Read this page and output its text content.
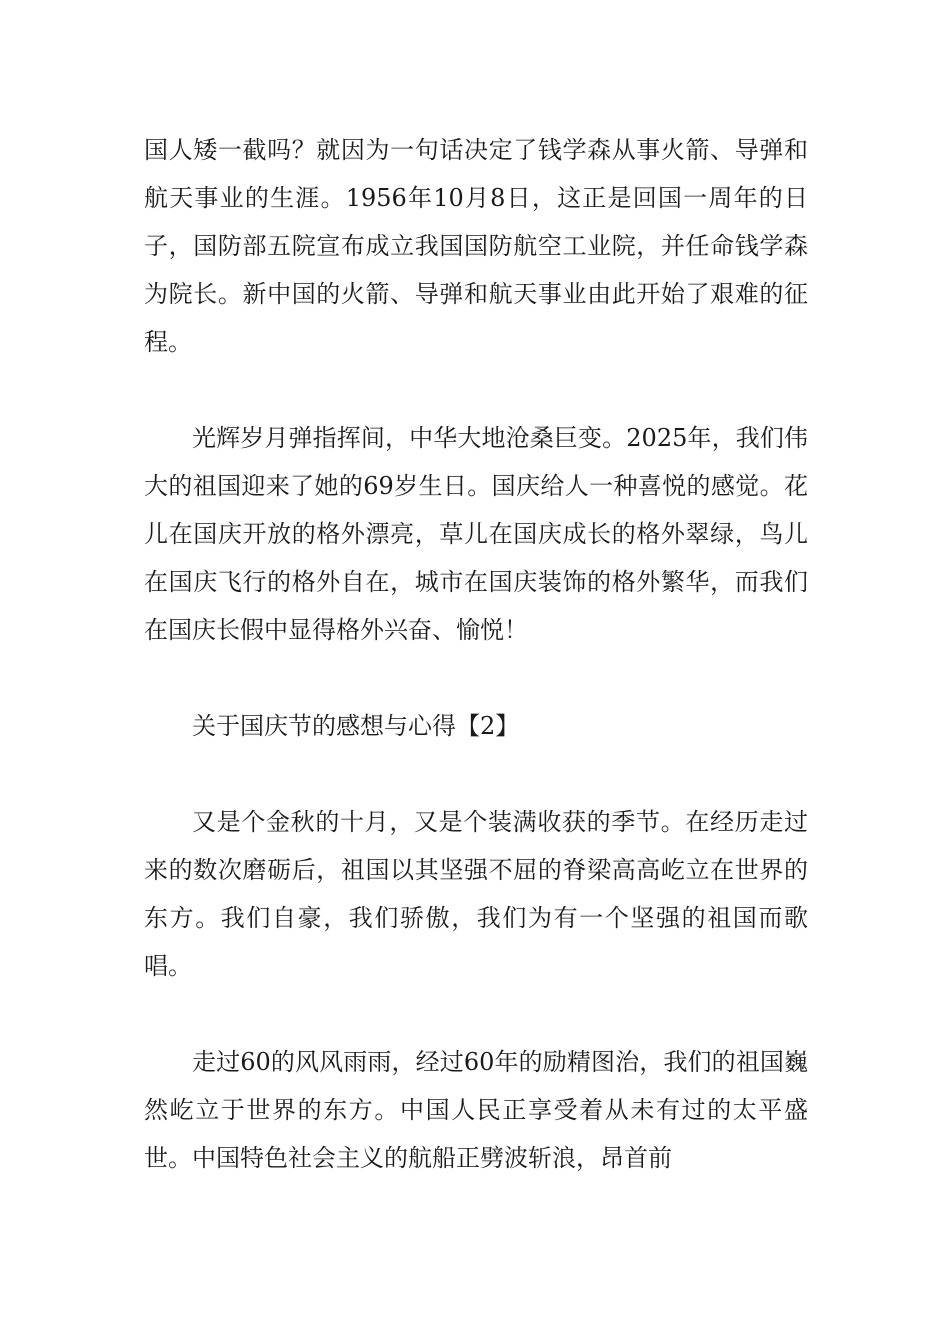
国人矮一截吗？就因为一句话决定了钱学森从事火箭、导弹和航天事业的生涯。1956年10月8日，这正是回国一周年的日子，国防部五院宣布成立我国国防航空工业院，并任命钱学森为院长。新中国的火箭、导弹和航天事业由此开始了艰难的征程。

光辉岁月弹指挥间，中华大地沧桑巨变。2025年，我们伟大的祖国迎来了她的69岁生日。国庆给人一种喜悦的感觉。花儿在国庆开放的格外漂亮，草儿在国庆成长的格外翠绿，鸟儿在国庆飞行的格外自在，城市在国庆装饰的格外繁华，而我们在国庆长假中显得格外兴奋、愉悦！

关于国庆节的感想与心得【2】

又是个金秋的十月，又是个装满收获的季节。在经历走过来的数次磨砺后，祖国以其坚强不屈的脊梁高高屹立在世界的东方。我们自豪，我们骄傲，我们为有一个坚强的祖国而歌唱。

走过60的风风雨雨，经过60年的励精图治，我们的祖国巍然屹立于世界的东方。中国人民正享受着从未有过的太平盛世。中国特色社会主义的航船正劈波斩浪，昂首前
